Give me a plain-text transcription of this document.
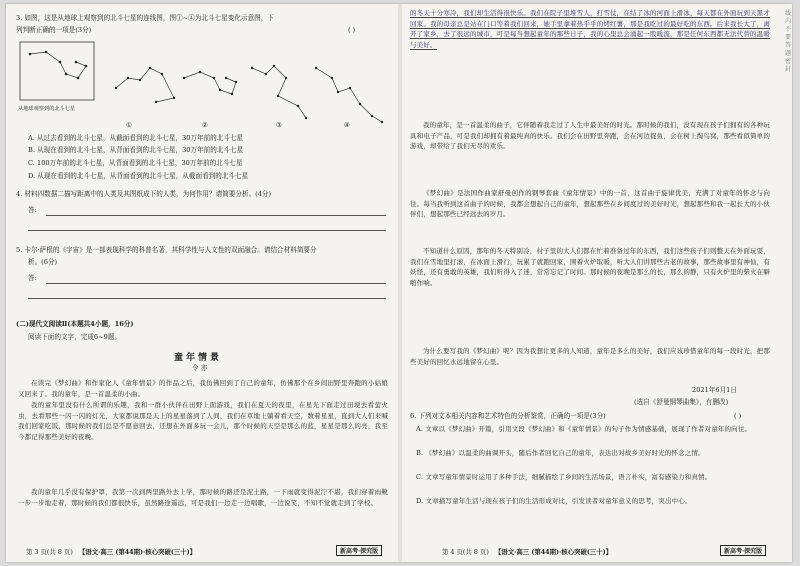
3. 如图，这是从地球上观察到的北斗七星的连线图，图①~④为北斗七星变化示意图，下
列判断正确的一项是(3分)	( )
从地球观察到的北斗七星
①	②	③	④
A. 从过去看到的北斗七星，从截面看到的北斗七星，30万年前的北斗七星
B. 从现在看到的北斗七星，从背面看到的北斗七星，30万年前的北斗七星
C. 100万年前的北斗七星，从背面看到的北斗七星，30万年前的北斗七星
D. 从现在看到的北斗七星，从背面看到的北斗七星，从截面看到的北斗七星
4. 材料四数据二描写距离中的人类及其图纸成下的人类，为何作用？请简要分析。(4分)
答:
5. 卡尔·萨根的《宇宙》是一部表现科学的科普名著，其科学性与人文性的双面融合。请结合材料简要分
析。(6分)
答:
(二)现代文阅读Ⅱ(本题共4小题，16分)
阅读下面的文字，完成6~9题。
童年情景
令 亦
在读完《梦幻曲》和作家化人《童年情景》的作品之后，我仿佛回到了自己的童年，仿佛那个在乡间田野里奔跑的小姑娘又回来了。我的童年，是一首温柔的小曲。
我的童年里没有什么所谓的乐趣，我和一群小伙伴在田野上面游戏，我们在夏天的夜里，在星光下面走过田埂去看萤火虫，去看那些一闪一闪的灯光，大家都说那是天上的星星落到了人间，我们在草地上躺着看天空，数着星星，直到大人们来喊我们回家吃饭，那时候的我们总是不愿意回去，还想在外面多玩一会儿，那个时候的天空是那么的蓝，星星是那么的亮，我至今都记得那些美好的夜晚。
我的童年几乎没有保护罩，我第一次到两里路外去上学，那时候的路还是泥土路，一下雨就变得泥泞不堪，我们穿着雨靴一步一步地走着，那时候的我们都很快乐，虽然路途遥远，可是我们一边走一边唱歌，一边说笑，不知不觉就走到了学校。
第 3 页(共 8 页) 【语文·高三 (第44期)·核心突破(三十)】	新高考·探究版
的冬天十分寒冷，我们却生活得很快乐。我们在院子里堆雪人，打雪仗，在结了冰的河面上滑冰，每天都在外面玩到天黑才回家。我的母亲总是站在门口等着我们回来，她手里拿着热乎乎的烤红薯，那是我吃过的最好吃的东西。后来我长大了，离开了家乡，去了很远的城市，可是每当想起童年的那些日子，我的心里总会涌起一股暖流，那是任何东西都无法代替的温暖与美好。
我的童年，是一首温柔的曲子，它伴随着我走过了人生中最美好的时光。那时候的我们，没有现在孩子们拥有的各种玩具和电子产品，可是我们却拥有着最纯真的快乐。我们会在田野里奔跑，会在河边捉鱼，会在树上掏鸟窝，那些看似简单的游戏，却带给了我们无尽的欢乐。
《梦幻曲》是法国作曲家舒曼创作的钢琴套曲《童年情景》中的一首，这首曲子旋律优美，充满了对童年的怀念与向往。每当我听到这首曲子的时候，我都会想起自己的童年，想起那些在乡间度过的美好时光，想起那些和我一起长大的小伙伴们，想起那些已经远去的岁月。
不知道什么原因，那年的冬天特别冷，村子里的大人们都在忙着准备过年的东西，我们这些孩子们则整天在外面玩耍，我们在雪地里打滚，在冰面上滑行，玩累了就跑回家，围着火炉取暖，听大人们讲那些古老的故事，那些故事里有神仙，有妖怪，还有勇敢的英雄，我们听得入了迷，常常忘记了时间。那时候的夜晚是那么的长，那么的静，只有火炉里的柴火在噼啪作响。
为什么要写我的《梦幻曲》呢？因为我想让更多的人知道，童年是多么的美好，我们应该珍惜童年的每一段时光，把那些美好的回忆永远地留在心里。
2021年6月1日
(选自《舒曼钢琴曲集》，有删改)
6. 下列对文本相关内容和艺术特色的分析鉴赏，正确的一项是(3分)	( )
A. 文章以《梦幻曲》开篇，引用文段《梦幻曲》和《童年情景》的句子作为情感基础，展现了作者对童年的向往。
B. 《梦幻曲》以温柔的曲调开头，随后作者回忆自己的童年，表达出对故乡美好时光的怀念之情。
C. 文章写童年情景时运用了多种手法，细腻描绘了乡间的生活场景，语言朴实，富有感染力和真情。
D. 文章描写童年生活与现在孩子们的生活形成对比，引发读者对童年意义的思考，突出中心。
第 4 页(共 8 页) 【语文·高三 (第44期)·核心突破(三十)】	新高考·探究版
线 内 不 要 答 题 密 封
